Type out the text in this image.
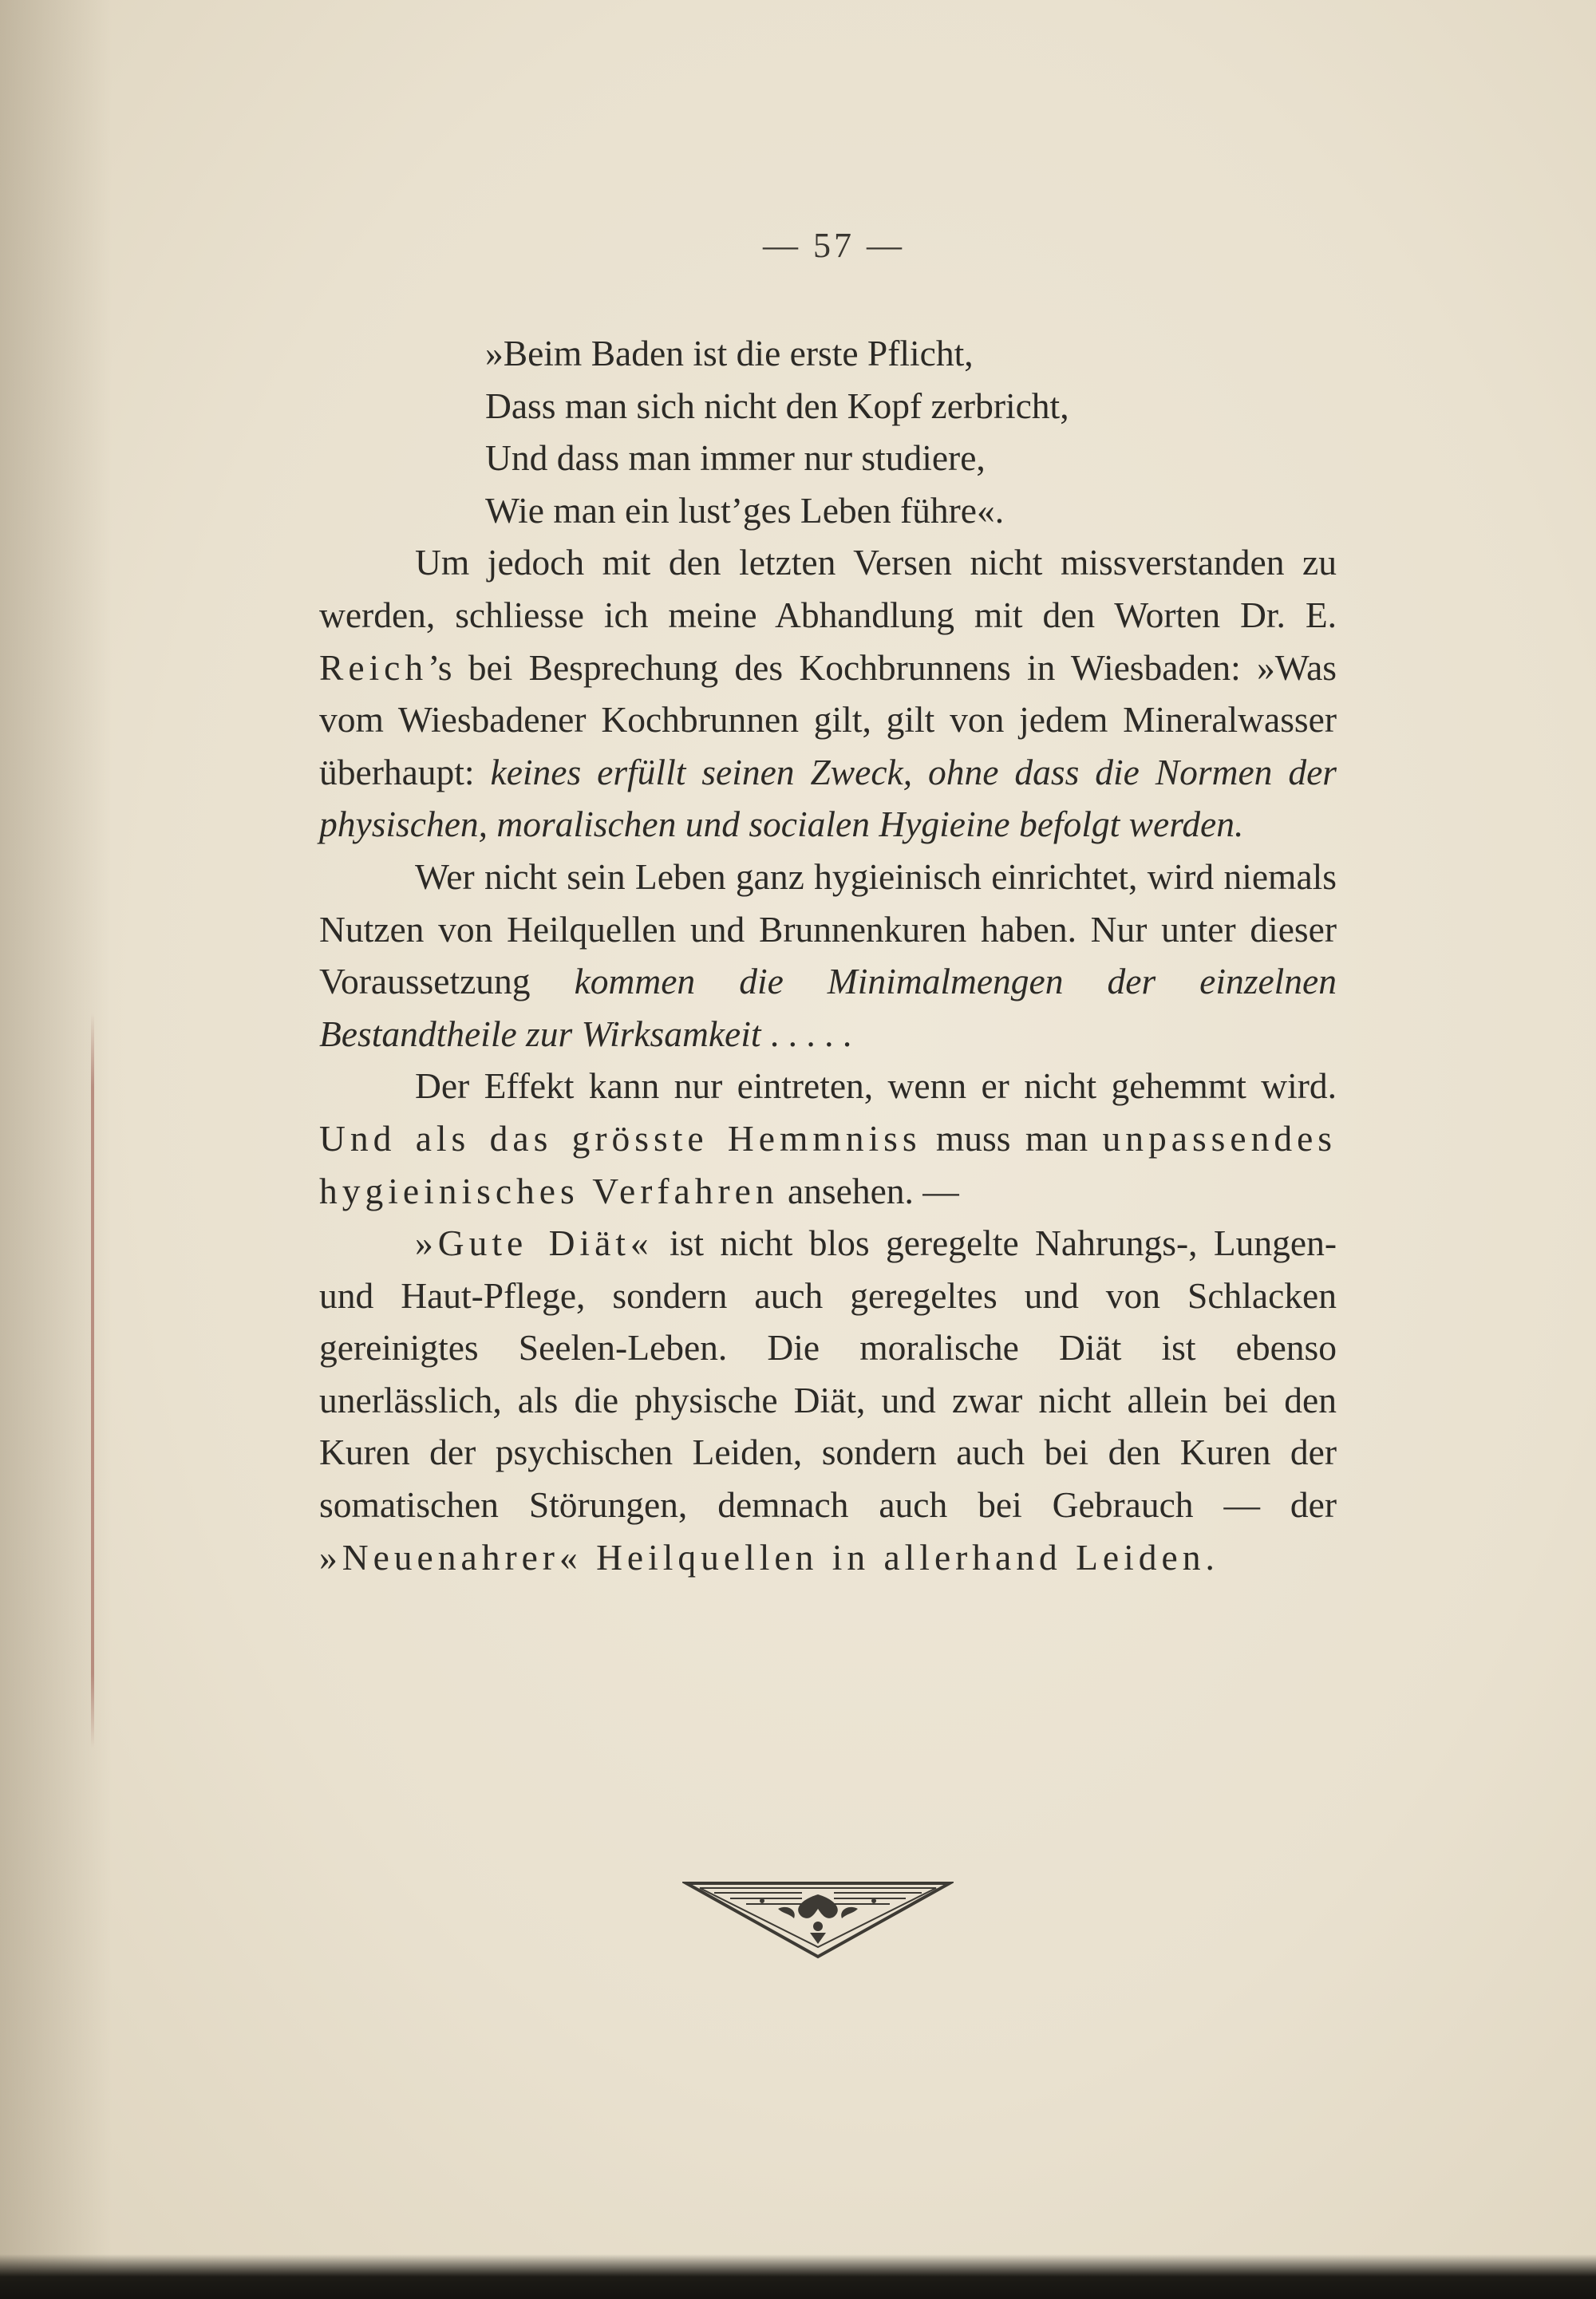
— 57 —
»Beim Baden ist die erste Pflicht,
Dass man sich nicht den Kopf zerbricht,
Und dass man immer nur studiere,
Wie man ein lust’ges Leben führe«.

Um jedoch mit den letzten Versen nicht missverstanden zu werden, schliesse ich meine Abhandlung mit den Worten Dr. E. Reich’s bei Besprechung des Kochbrunnens in Wiesbaden: »Was vom Wiesbadener Kochbrunnen gilt, gilt von jedem Mineralwasser überhaupt: keines erfüllt seinen Zweck, ohne dass die Normen der physischen, moralischen und socialen Hygieine befolgt werden.

Wer nicht sein Leben ganz hygieinisch einrichtet, wird niemals Nutzen von Heilquellen und Brunnenkuren haben. Nur unter dieser Voraussetzung kommen die Minimalmengen der einzelnen Bestandtheile zur Wirksamkeit . . . . .

Der Effekt kann nur eintreten, wenn er nicht gehemmt wird. Und als das grösste Hemmniss muss man unpassendes hygieinisches Verfahren ansehen. —

»Gute Diät« ist nicht blos geregelte Nahrungs-, Lungen- und Haut-Pflege, sondern auch geregeltes und von Schlacken gereinigtes Seelen-Leben. Die moralische Diät ist ebenso unerlässlich, als die physische Diät, und zwar nicht allein bei den Kuren der psychischen Leiden, sondern auch bei den Kuren der somatischen Störungen, demnach auch bei Gebrauch — der »Neuenahrer« Heilquellen in allerhand Leiden.
